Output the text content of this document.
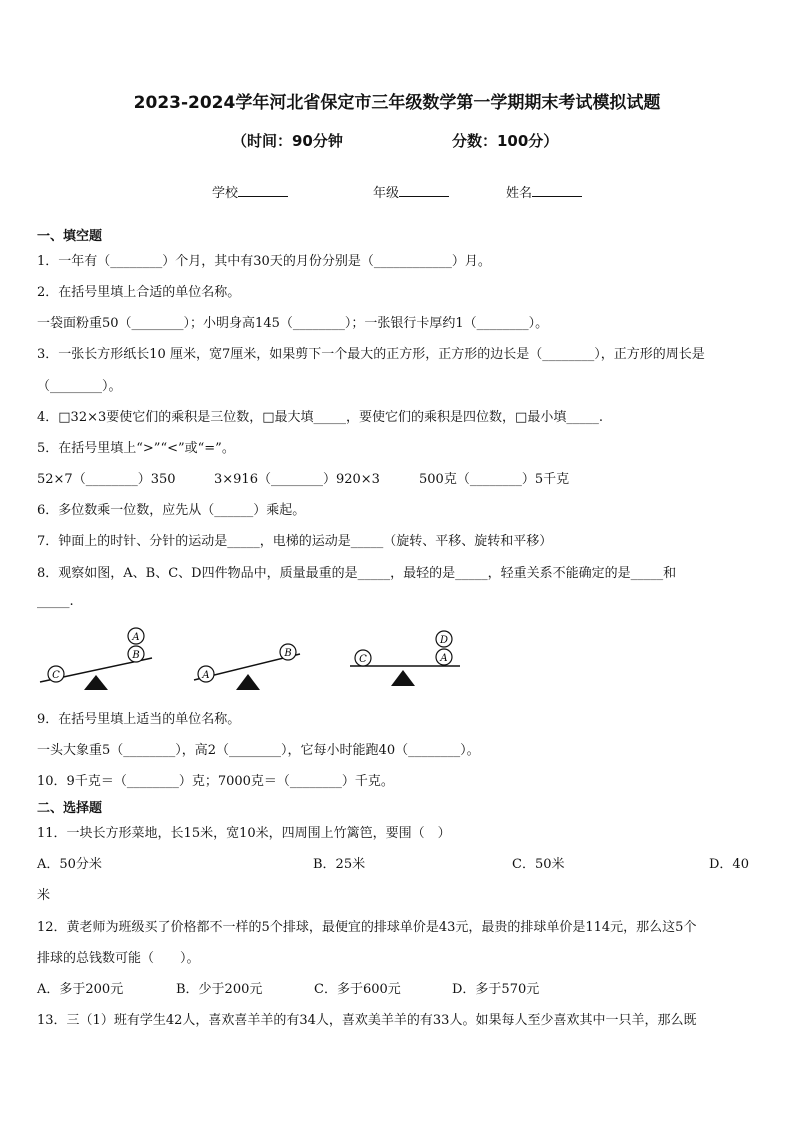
2023-2024学年河北省保定市三年级数学第一学期期末考试模拟试题
（时间：90分钟	分数：100分）
学校	年级	姓名
一、填空题
1．一年有（________）个月，其中有30天的月份分别是（____________）月。
2．在括号里填上合适的单位名称。
一袋面粉重50（________）；小明身高145（________）；一张银行卡厚约1（________）。
3．一张长方形纸长10 厘米，宽7厘米，如果剪下一个最大的正方形，正方形的边长是（________），正方形的周长是
（________）。
4．□32×3要使它们的乘积是三位数，□最大填_____，要使它们的乘积是四位数，□最小填_____.
5．在括号里填上“>”“<”或“=”。
52×7（________）350	3×916（________）920×3	500克（________）5千克
6．多位数乘一位数，应先从（______）乘起。
7．钟面上的时针、分针的运动是_____，电梯的运动是_____（旋转、平移、旋转和平移）
8．观察如图，A、B、C、D四件物品中，质量最重的是_____，最轻的是_____，轻重关系不能确定的是_____和
_____.
C
B
A
A
B
C	A
D
9．在括号里填上适当的单位名称。
一头大象重5（________），高2（________），它每小时能跑40（________）。
10．9千克＝（________）克；7000克＝（________）千克。
二、选择题
11．一块长方形菜地，长15米，宽10米，四周围上竹篱笆，要围（　）
A．50分米	B．25米	C．50米	D．40
米
12．黄老师为班级买了价格都不一样的5个排球，最便宜的排球单价是43元，最贵的排球单价是114元，那么这5个
排球的总钱数可能（　　）。
A．多于200元	B．少于200元	C．多于600元	D．多于570元
13．三（1）班有学生42人，喜欢喜羊羊的有34人，喜欢美羊羊的有33人。如果每人至少喜欢其中一只羊，那么既
